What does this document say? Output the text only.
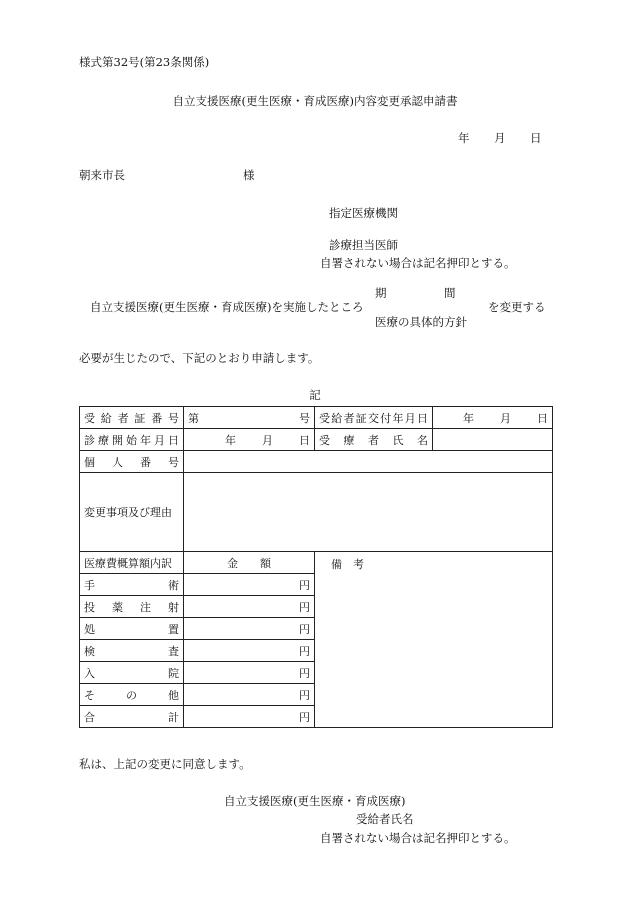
様式第32号(第23条関係)
自立支援医療(更生医療・育成医療)内容変更承認申請書
年 月 日
朝来市長	様
指定医療機関
診療担当医師
自署されない場合は記名押印とする。
自立支援医療(更生医療・育成医療)を実施したところ
期　　　　　間
医療の具体的方針
を変更する
必要が生じたので、下記のとおり申請します。
記
受給者証番号	第 号	受給者証交付年月日	年 月 日

診療開始年月日	年 月 日	受療者氏名	
個人番号			
変更事項及び理由			
医療費概算額内訳	金　　額	備　考	
手術	円		
投薬注射	円		
処置	円		
検査	円		
入院	円		
その他	円		
合計	円		
私は、上記の変更に同意します。
自立支援医療(更生医療・育成医療)
受給者氏名
自署されない場合は記名押印とする。
